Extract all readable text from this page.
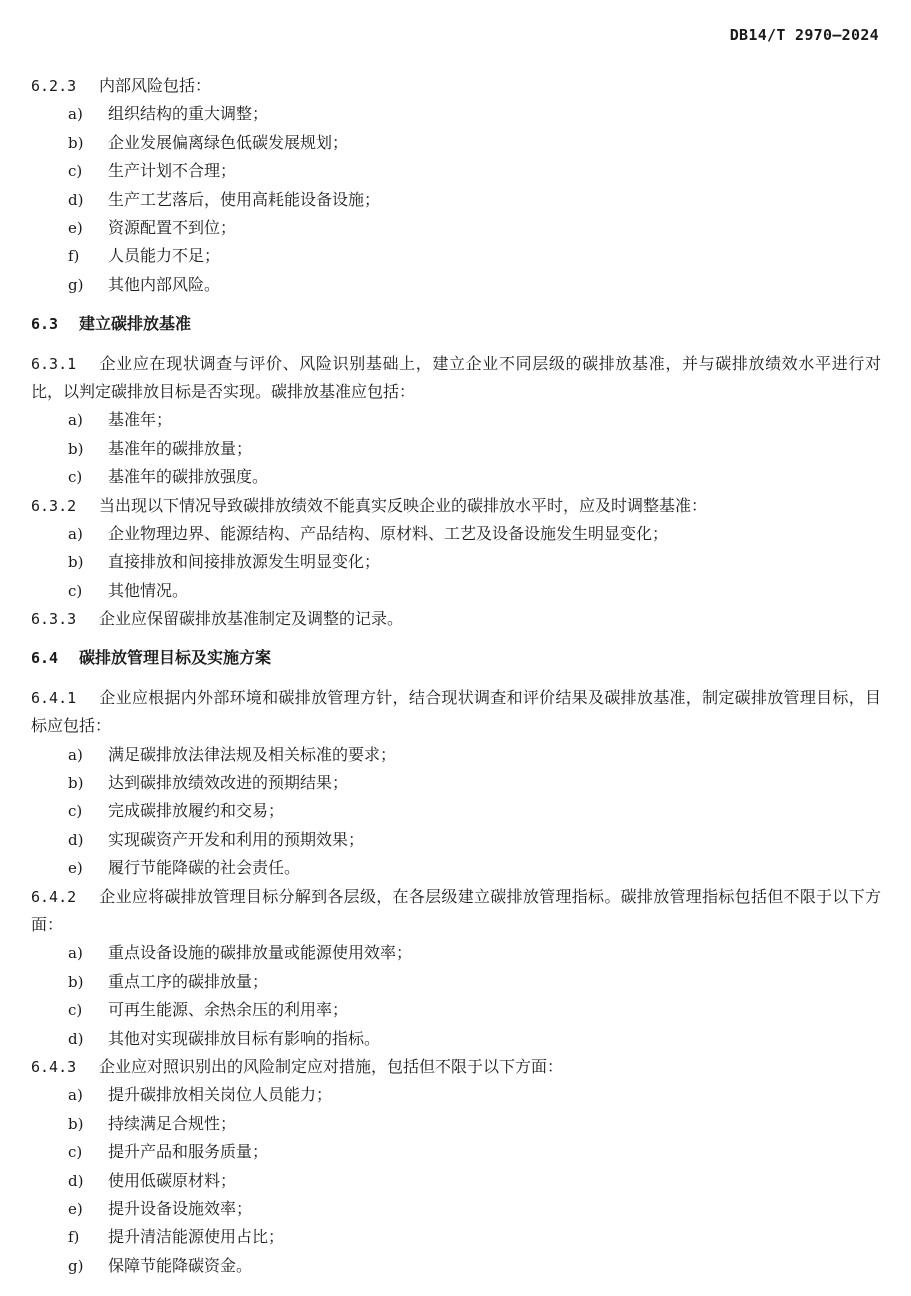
DB14/T 2970—2024
6.2.3 内部风险包括：
a) 组织结构的重大调整；
b) 企业发展偏离绿色低碳发展规划；
c) 生产计划不合理；
d) 生产工艺落后，使用高耗能设备设施；
e) 资源配置不到位；
f) 人员能力不足；
g) 其他内部风险。
6.3 建立碳排放基准
6.3.1 企业应在现状调查与评价、风险识别基础上，建立企业不同层级的碳排放基准，并与碳排放绩效水平进行对比，以判定碳排放目标是否实现。碳排放基准应包括：
a) 基准年；
b) 基准年的碳排放量；
c) 基准年的碳排放强度。
6.3.2 当出现以下情况导致碳排放绩效不能真实反映企业的碳排放水平时，应及时调整基准：
a) 企业物理边界、能源结构、产品结构、原材料、工艺及设备设施发生明显变化；
b) 直接排放和间接排放源发生明显变化；
c) 其他情况。
6.3.3 企业应保留碳排放基准制定及调整的记录。
6.4 碳排放管理目标及实施方案
6.4.1 企业应根据内外部环境和碳排放管理方针，结合现状调查和评价结果及碳排放基准，制定碳排放管理目标，目标应包括：
a) 满足碳排放法律法规及相关标准的要求；
b) 达到碳排放绩效改进的预期结果；
c) 完成碳排放履约和交易；
d) 实现碳资产开发和利用的预期效果；
e) 履行节能降碳的社会责任。
6.4.2 企业应将碳排放管理目标分解到各层级，在各层级建立碳排放管理指标。碳排放管理指标包括但不限于以下方面：
a) 重点设备设施的碳排放量或能源使用效率；
b) 重点工序的碳排放量；
c) 可再生能源、余热余压的利用率；
d) 其他对实现碳排放目标有影响的指标。
6.4.3 企业应对照识别出的风险制定应对措施，包括但不限于以下方面：
a) 提升碳排放相关岗位人员能力；
b) 持续满足合规性；
c) 提升产品和服务质量；
d) 使用低碳原材料；
e) 提升设备设施效率；
f) 提升清洁能源使用占比；
g) 保障节能降碳资金。
